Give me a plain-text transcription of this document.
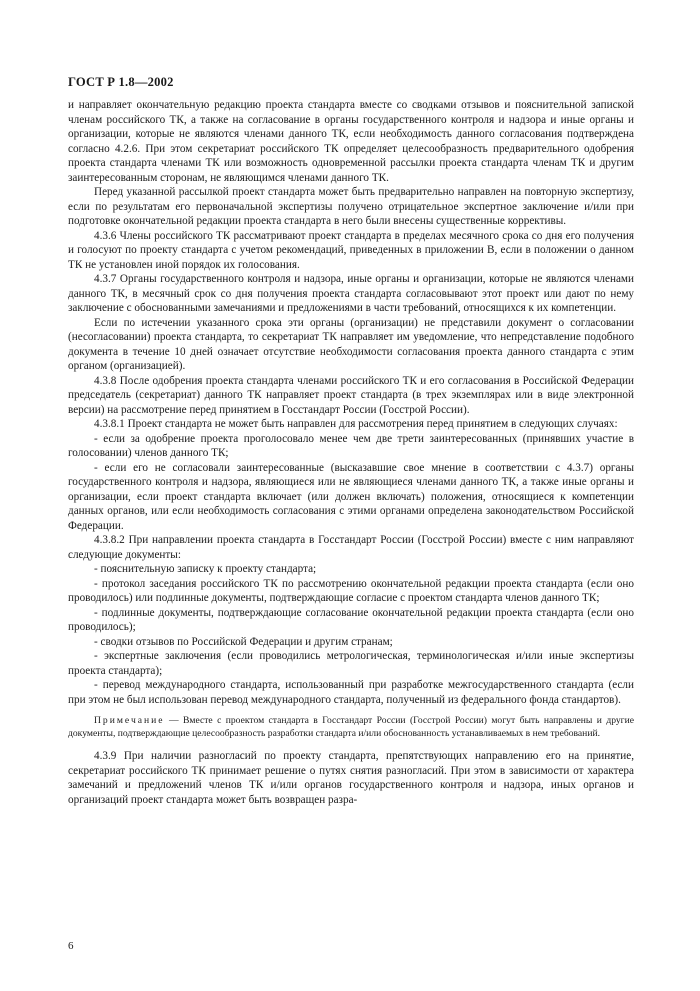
ГОСТ Р 1.8—2002

и направляет окончательную редакцию проекта стандарта вместе со сводками отзывов и пояснительной запиской членам российского ТК, а также на согласование в органы государственного контроля и надзора и иные органы и организации, которые не являются членами данного ТК, если необходимость данного согласования подтверждена согласно 4.2.6. При этом секретариат российского ТК определяет целесообразность предварительного одобрения проекта стандарта членами ТК или возможность одновременной рассылки проекта стандарта членам ТК и другим заинтересованным сторонам, не являющимся членами данного ТК.

Перед указанной рассылкой проект стандарта может быть предварительно направлен на повторную экспертизу, если по результатам его первоначальной экспертизы получено отрицательное экспертное заключение и/или при подготовке окончательной редакции проекта стандарта в него были внесены существенные коррективы.

4.3.6 Члены российского ТК рассматривают проект стандарта в пределах месячного срока со дня его получения и голосуют по проекту стандарта с учетом рекомендаций, приведенных в приложении В, если в положении о данном ТК не установлен иной порядок их голосования.

4.3.7 Органы государственного контроля и надзора, иные органы и организации, которые не являются членами данного ТК, в месячный срок со дня получения проекта стандарта согласовывают этот проект или дают по нему заключение с обоснованными замечаниями и предложениями в части требований, относящихся к их компетенции.

Если по истечении указанного срока эти органы (организации) не представили документ о согласовании (несогласовании) проекта стандарта, то секретариат ТК направляет им уведомление, что непредставление подобного документа в течение 10 дней означает отсутствие необходимости согласования проекта данного стандарта с этим органом (организацией).

4.3.8 После одобрения проекта стандарта членами российского ТК и его согласования в Российской Федерации председатель (секретариат) данного ТК направляет проект стандарта (в трех экземплярах или в виде электронной версии) на рассмотрение перед принятием в Госстандарт России (Госстрой России).

4.3.8.1 Проект стандарта не может быть направлен для рассмотрения перед принятием в следующих случаях:

- если за одобрение проекта проголосовало менее чем две трети заинтересованных (принявших участие в голосовании) членов данного ТК;

- если его не согласовали заинтересованные (высказавшие свое мнение в соответствии с 4.3.7) органы государственного контроля и надзора, являющиеся или не являющиеся членами данного ТК, а также иные органы и организации, если проект стандарта включает (или должен включать) положения, относящиеся к компетенции данных органов, или если необходимость согласования с этими органами определена законодательством Российской Федерации.

4.3.8.2 При направлении проекта стандарта в Госстандарт России (Госстрой России) вместе с ним направляют следующие документы:

- пояснительную записку к проекту стандарта;

- протокол заседания российского ТК по рассмотрению окончательной редакции проекта стандарта (если оно проводилось) или подлинные документы, подтверждающие согласие с проектом стандарта членов данного ТК;

- подлинные документы, подтверждающие согласование окончательной редакции проекта стандарта (если оно проводилось);

- сводки отзывов по Российской Федерации и другим странам;

- экспертные заключения (если проводились метрологическая, терминологическая и/или иные экспертизы проекта стандарта);

- перевод международного стандарта, использованный при разработке межгосударственного стандарта (если при этом не был использован перевод международного стандарта, полученный из федерального фонда стандартов).

Примечание — Вместе с проектом стандарта в Госстандарт России (Госстрой России) могут быть направлены и другие документы, подтверждающие целесообразность разработки стандарта и/или обоснованность устанавливаемых в нем требований.

4.3.9 При наличии разногласий по проекту стандарта, препятствующих направлению его на принятие, секретариат российского ТК принимает решение о путях снятия разногласий. При этом в зависимости от характера замечаний и предложений членов ТК и/или органов государственного контроля и надзора, иных органов и организаций проект стандарта может быть возвращен разра-

6
